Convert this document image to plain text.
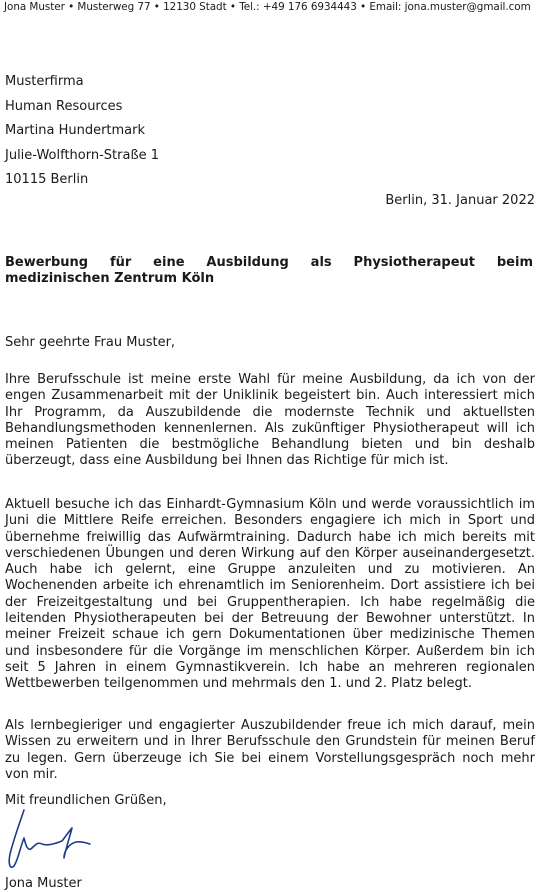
Jona Muster • Musterweg 77 • 12130 Stadt • Tel.: +49 176 6934443 • Email: jona.muster@gmail.com
Musterfirma
Human Resources
Martina Hundertmark
Julie-Wolfthorn-Straße 1
10115 Berlin
Berlin, 31. Januar 2022
Bewerbung für eine Ausbildung als Physiotherapeut beim medizinischen Zentrum Köln
Sehr geehrte Frau Muster,
Ihre Berufsschule ist meine erste Wahl für meine Ausbildung, da ich von der engen Zusammenarbeit mit der Uniklinik begeistert bin. Auch interessiert mich Ihr Programm, da Auszubildende die modernste Technik und aktuellsten Behandlungsmethoden kennenlernen. Als zukünftiger Physiotherapeut will ich meinen Patienten die bestmögliche Behandlung bieten und bin deshalb überzeugt, dass eine Ausbildung bei Ihnen das Richtige für mich ist.
Aktuell besuche ich das Einhardt-Gymnasium Köln und werde voraussichtlich im Juni die Mittlere Reife erreichen. Besonders engagiere ich mich in Sport und übernehme freiwillig das Aufwärmtraining. Dadurch habe ich mich bereits mit verschiedenen Übungen und deren Wirkung auf den Körper auseinandergesetzt. Auch habe ich gelernt, eine Gruppe anzuleiten und zu motivieren. An Wochenenden arbeite ich ehrenamtlich im Seniorenheim. Dort assistiere ich bei der Freizeitgestaltung und bei Gruppentherapien. Ich habe regelmäßig die leitenden Physiotherapeuten bei der Betreuung der Bewohner unterstützt. In meiner Freizeit schaue ich gern Dokumentationen über medizinische Themen und insbesondere für die Vorgänge im menschlichen Körper. Außerdem bin ich seit 5 Jahren in einem Gymnastikverein. Ich habe an mehreren regionalen Wettbewerben teilgenommen und mehrmals den 1. und 2. Platz belegt.
Als lernbegieriger und engagierter Auszubildender freue ich mich darauf, mein Wissen zu erweitern und in Ihrer Berufsschule den Grundstein für meinen Beruf zu legen. Gern überzeuge ich Sie bei einem Vorstellungsgespräch noch mehr von mir.
Mit freundlichen Grüßen,
Jona Muster
